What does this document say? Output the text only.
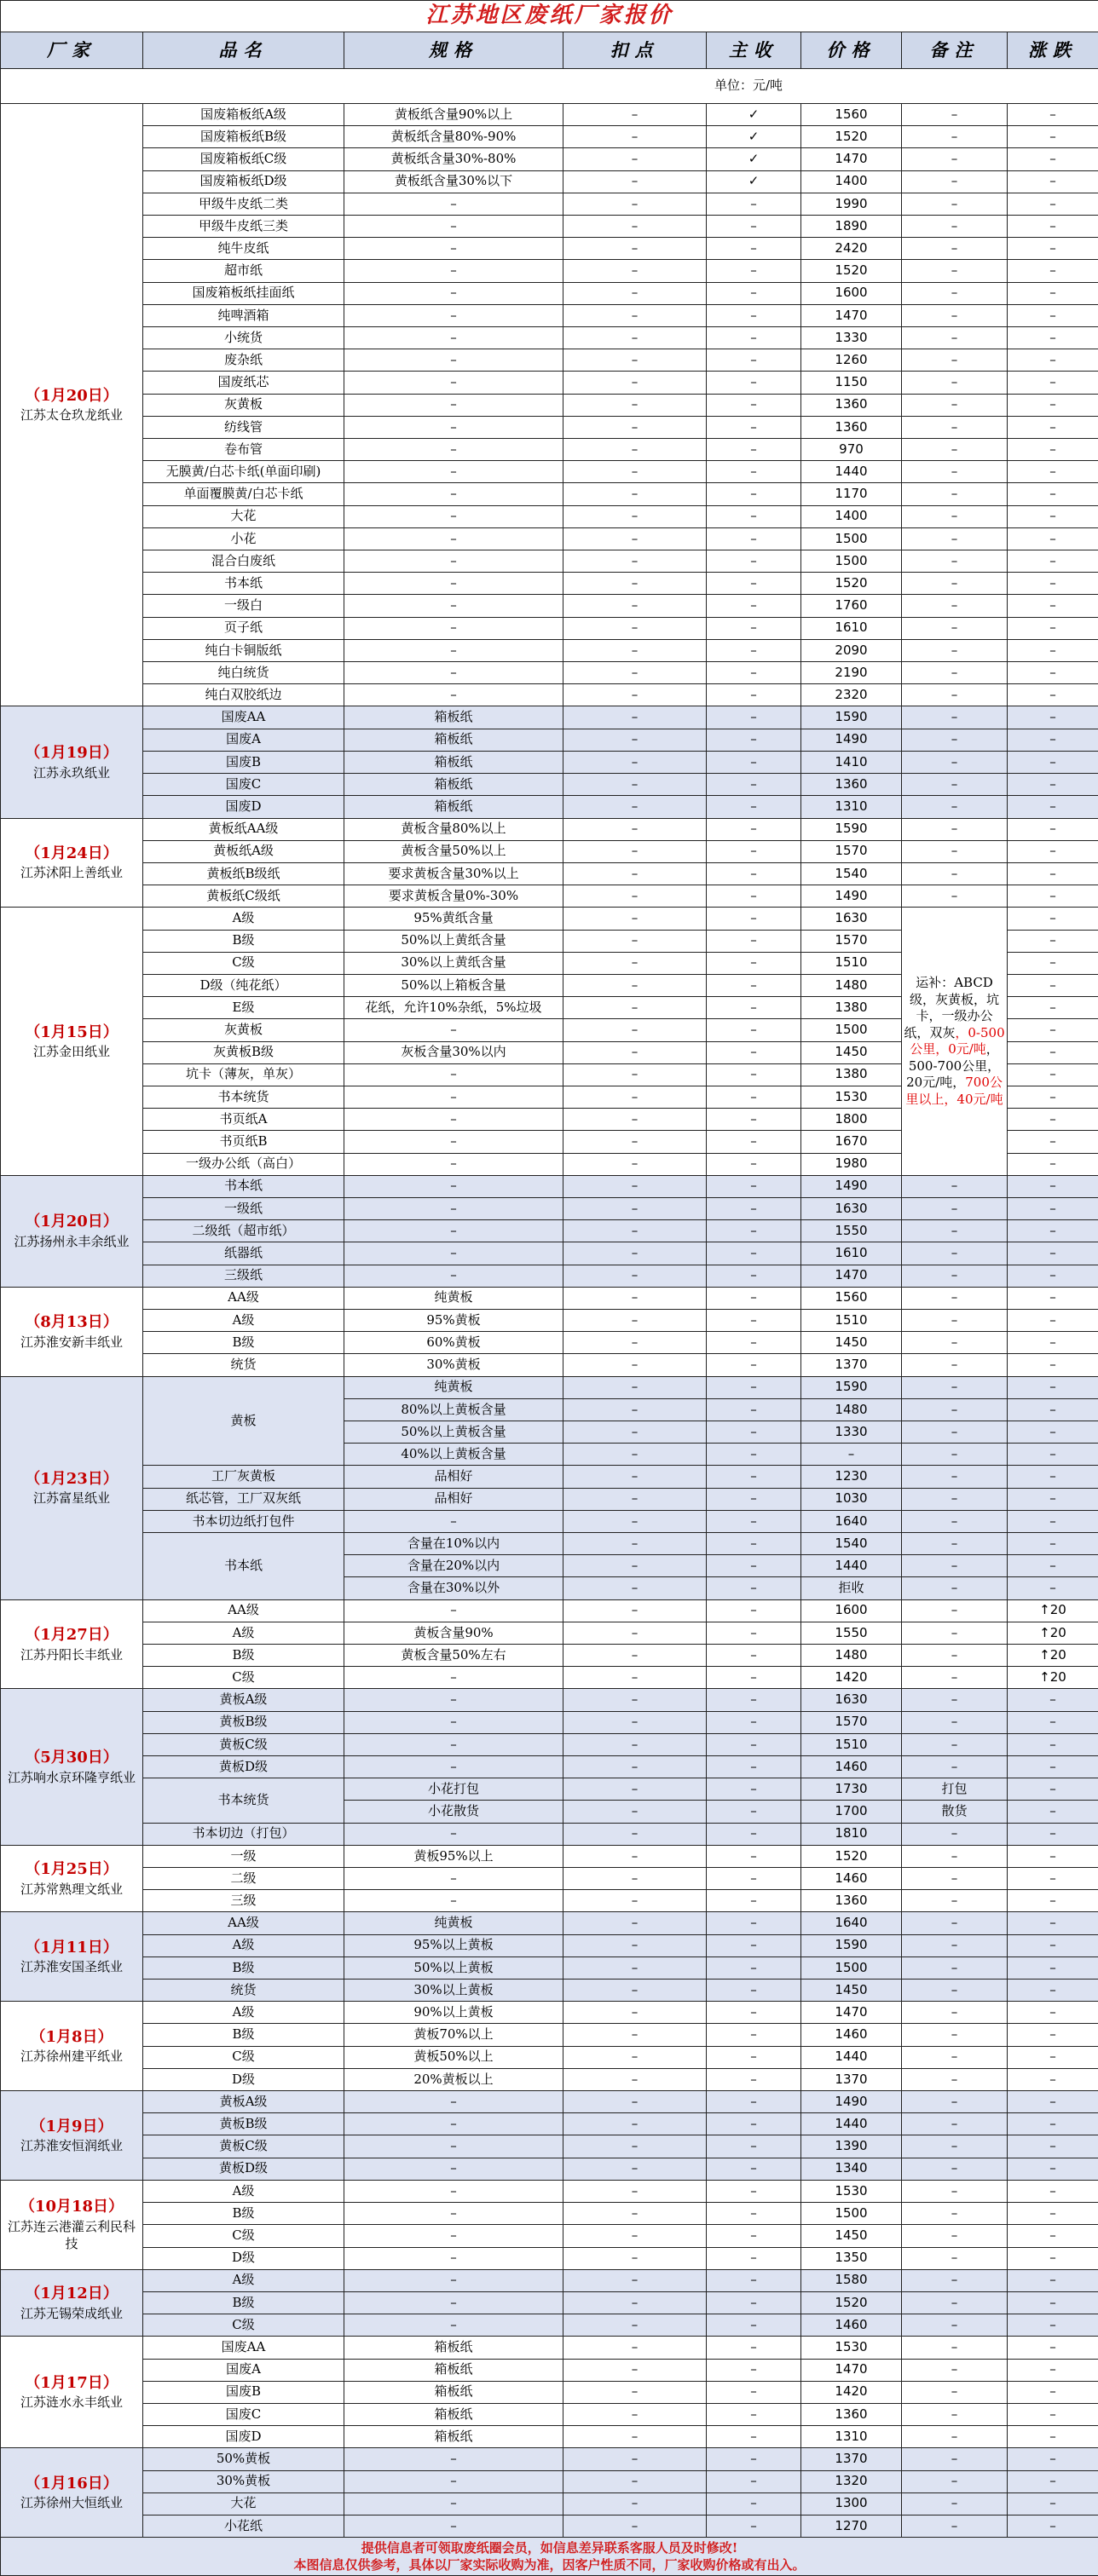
江苏地区废纸厂家报价							
厂家	品名	规格	扣点	主收	价格	备注	涨跌
单位：元/吨							

（1月20日）
江苏太仓玖龙纸业	国废箱板纸A级	黄板纸含量90%以上	–	✓	1560	–	–
	国废箱板纸B级	黄板纸含量80%-90%	–	✓	1520	–	–
	国废箱板纸C级	黄板纸含量30%-80%	–	✓	1470	–	–
	国废箱板纸D级	黄板纸含量30%以下	–	✓	1400	–	–
	甲级牛皮纸二类	–	–	–	1990	–	–
	甲级牛皮纸三类	–	–	–	1890	–	–
	纯牛皮纸	–	–	–	2420	–	–
	超市纸	–	–	–	1520	–	–
	国废箱板纸挂面纸	–	–	–	1600	–	–
	纯啤酒箱	–	–	–	1470	–	–
	小统货	–	–	–	1330	–	–
	废杂纸	–	–	–	1260	–	–
	国废纸芯	–	–	–	1150	–	–
	灰黄板	–	–	–	1360	–	–
	纺线管	–	–	–	1360	–	–
	卷布管	–	–	–	970	–	–
	无膜黄/白芯卡纸(单面印刷)	–	–	–	1440	–	–
	单面覆膜黄/白芯卡纸	–	–	–	1170	–	–
	大花	–	–	–	1400	–	–
	小花	–	–	–	1500	–	–
	混合白废纸	–	–	–	1500	–	–
	书本纸	–	–	–	1520	–	–
	一级白	–	–	–	1760	–	–
	页子纸	–	–	–	1610	–	–
	纯白卡铜版纸	–	–	–	2090	–	–
	纯白统货	–	–	–	2190	–	–
	纯白双胶纸边	–	–	–	2320	–	–

（1月19日）
江苏永玖纸业	国废AA	箱板纸	–	–	1590	–	–
	国废A	箱板纸	–	–	1490	–	–
	国废B	箱板纸	–	–	1410	–	–
	国废C	箱板纸	–	–	1360	–	–
	国废D	箱板纸	–	–	1310	–	–

（1月24日）
江苏沭阳上善纸业	黄板纸AA级	黄板含量80%以上	–	–	1590	–	–
	黄板纸A级	黄板含量50%以上	–	–	1570	–	–
	黄板纸B级纸	要求黄板含量30%以上	–	–	1540	–	–
	黄板纸C级纸	要求黄板含量0%-30%	–	–	1490	–	–

（1月15日）
江苏金田纸业	A级	95%黄纸含量	–	–	1630	运补：ABCD级，灰黄板，坑卡，一级办公纸，双灰，0-500公里，0元/吨，500-700公里，20元/吨，700公里以上，40元/吨	–
	B级	50%以上黄纸含量	–	–	1570		–
	C级	30%以上黄纸含量	–	–	1510		–
	D级（纯花纸）	50%以上箱板含量	–	–	1480		–
	E级	花纸，允许10%杂纸，5%垃圾	–	–	1380		–
	灰黄板	–	–	–	1500		–
	灰黄板B级	灰板含量30%以内	–	–	1450		–
	坑卡（薄灰，单灰）	–	–	–	1380		–
	书本统货	–	–	–	1530		–
	书页纸A	–	–	–	1800		–
	书页纸B	–	–	–	1670		–
	一级办公纸（高白）	–	–	–	1980		–

（1月20日）
江苏扬州永丰余纸业	书本纸	–	–	–	1490	–	–
	一级纸	–	–	–	1630	–	–
	二级纸（超市纸）	–	–	–	1550	–	–
	纸器纸	–	–	–	1610	–	–
	三级纸	–	–	–	1470	–	–

（8月13日）
江苏淮安新丰纸业	AA级	纯黄板	–	–	1560	–	–
	A级	95%黄板	–	–	1510	–	–
	B级	60%黄板	–	–	1450	–	–
	统货	30%黄板	–	–	1370	–	–

（1月23日）
江苏富星纸业	黄板	纯黄板	–	–	1590	–	–
		80%以上黄板含量	–	–	1480	–	–
		50%以上黄板含量	–	–	1330	–	–
		40%以上黄板含量	–	–	–	–	–
	工厂灰黄板	品相好	–	–	1230	–	–
	纸芯管，工厂双灰纸	品相好	–	–	1030	–	–
	书本切边纸打包件	–	–	–	1640	–	–
	书本纸	含量在10%以内	–	–	1540	–	–
		含量在20%以内	–	–	1440	–	–
		含量在30%以外	–	–	拒收	–	–

（1月27日）
江苏丹阳长丰纸业	AA级	–	–	–	1600	–	↑20
	A级	黄板含量90%	–	–	1550	–	↑20
	B级	黄板含量50%左右	–	–	1480	–	↑20
	C级	–	–	–	1420	–	↑20

（5月30日）
江苏响水京环隆亨纸业	黄板A级	–	–	–	1630	–	–
	黄板B级	–	–	–	1570	–	–
	黄板C级	–	–	–	1510	–	–
	黄板D级	–	–	–	1460	–	–
	书本统货	小花打包	–	–	1730	打包	–
		小花散货	–	–	1700	散货	–
	书本切边（打包）	–	–	–	1810	–	–

（1月25日）
江苏常熟理文纸业	一级	黄板95%以上	–	–	1520	–	–
	二级	–	–	–	1460	–	–
	三级	–	–	–	1360	–	–

（1月11日）
江苏淮安国圣纸业	AA级	纯黄板	–	–	1640	–	–
	A级	95%以上黄板	–	–	1590	–	–
	B级	50%以上黄板	–	–	1500	–	–
	统货	30%以上黄板	–	–	1450	–	–

（1月8日）
江苏徐州建平纸业	A级	90%以上黄板	–	–	1470	–	–
	B级	黄板70%以上	–	–	1460	–	–
	C级	黄板50%以上	–	–	1440	–	–
	D级	20%黄板以上	–	–	1370	–	–

（1月9日）
江苏淮安恒润纸业	黄板A级	–	–	–	1490	–	–
	黄板B级	–	–	–	1440	–	–
	黄板C级	–	–	–	1390	–	–
	黄板D级	–	–	–	1340	–	–

（10月18日）
江苏连云港灌云利民科技	A级	–	–	–	1530	–	–
	B级	–	–	–	1500	–	–
	C级	–	–	–	1450	–	–
	D级	–	–	–	1350	–	–

（1月12日）
江苏无锡荣成纸业	A级	–	–	–	1580	–	–
	B级	–	–	–	1520	–	–
	C级	–	–	–	1460	–	–

（1月17日）
江苏涟水永丰纸业	国废AA	箱板纸	–	–	1530	–	–
	国废A	箱板纸	–	–	1470	–	–
	国废B	箱板纸	–	–	1420	–	–
	国废C	箱板纸	–	–	1360	–	–
	国废D	箱板纸	–	–	1310	–	–

（1月16日）
江苏徐州大恒纸业	50%黄板	–	–	–	1370	–	–
	30%黄板	–	–	–	1320	–	–
	大花	–	–	–	1300	–	–
	小花纸	–	–	–	1270	–	–

提供信息者可领取废纸圈会员，如信息差异联系客服人员及时修改!
本图信息仅供参考，具体以厂家实际收购为准，因客户性质不同，厂家收购价格或有出入。							
